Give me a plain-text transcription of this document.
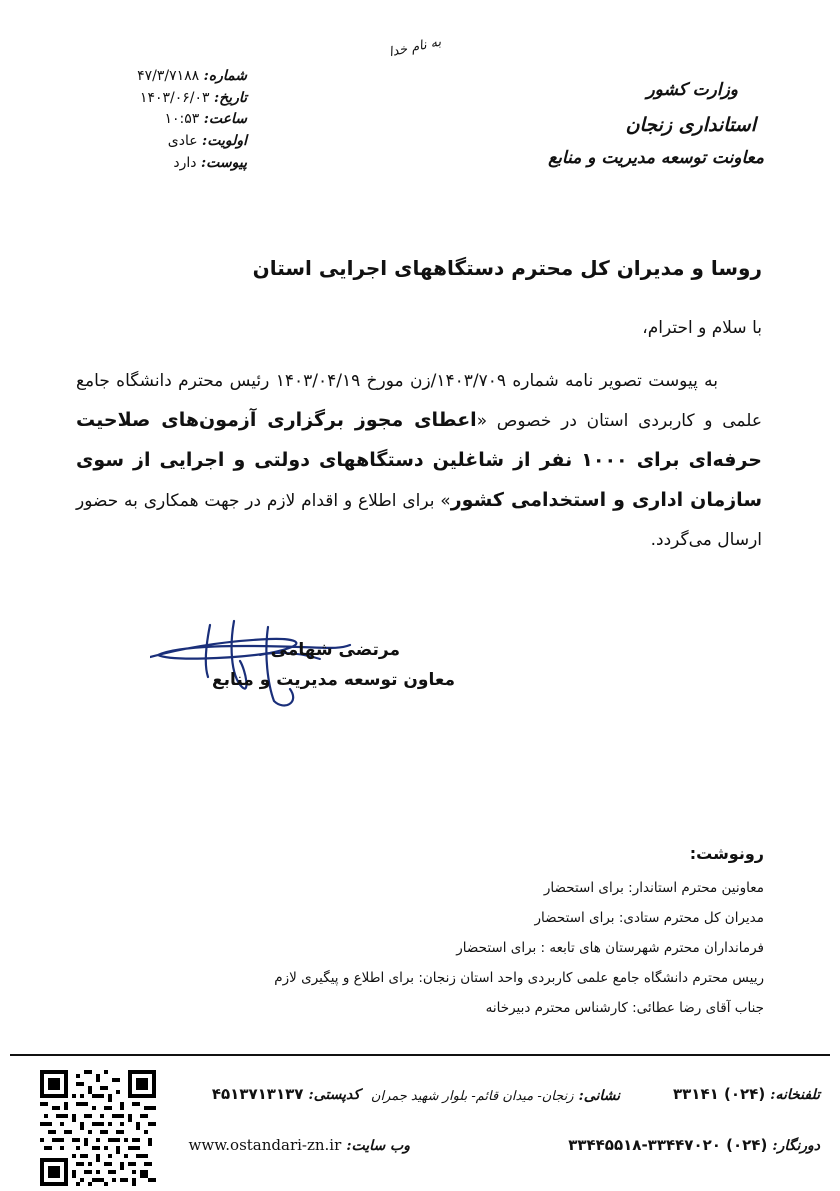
به نام خدا
شماره: ۴۷/۳/۷۱۸۸
تاریخ: ۱۴۰۳/۰۶/۰۳
ساعت: ۱۰:۵۳
اولویت: عادی
پیوست: دارد
وزارت کشور
استانداری زنجان
معاونت توسعه مدیریت و منابع
روسا و مدیران کل محترم دستگاههای اجرایی استان
با سلام و احترام،
به پیوست تصویر نامه شماره ۱۴۰۳/۷۰۹/زن مورخ ۱۴۰۳/۰۴/۱۹ رئیس محترم دانشگاه جامع علمی و کاربردی استان در خصوص «اعطای مجوز برگزاری آزمون‌های صلاحیت حرفه‌ای برای ۱۰۰۰ نفر از شاغلین دستگاههای دولتی و اجرایی از سوی سازمان اداری و استخدامی کشور» برای اطلاع و اقدام لازم در جهت همکاری به حضور ارسال می‌گردد.
مرتضی شهامی
معاون توسعه مدیریت و منابع
رونوشت:
معاونین محترم استاندار: برای استحضار
مدیران کل محترم ستادی: برای استحضار
فرمانداران محترم شهرستان های تابعه : برای استحضار
رییس محترم دانشگاه جامع علمی کاربردی واحد استان زنجان: برای اطلاع و پیگیری لازم
جناب آقای رضا عطائی: کارشناس محترم دبیرخانه
تلفنخانه: (۰۲۴) ۳۳۱۴۱
نشانی: زنجان- میدان قائم- بلوار شهید جمران
کدپستی: ۴۵۱۳۷۱۳۱۳۷
دورنگار: (۰۲۴) ۳۳۴۴۷۰۲۰-۳۳۴۴۵۵۱۸
وب سایت: www.ostandari-zn.ir
